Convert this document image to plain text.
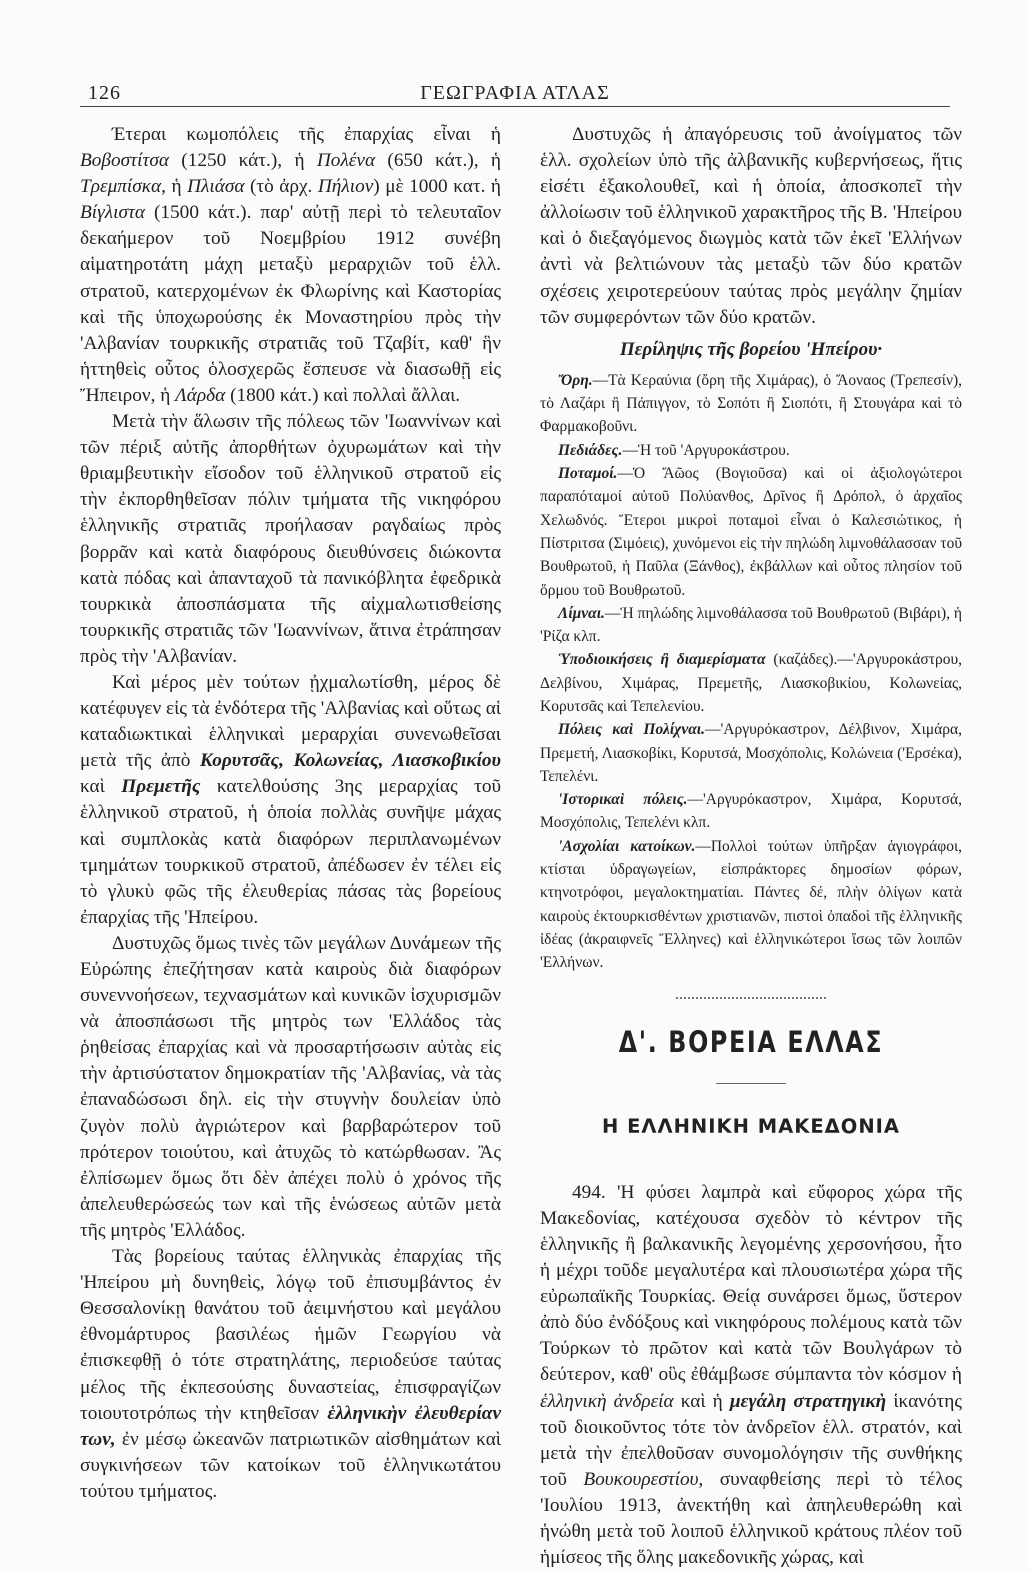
126	ΓΕΩΓΡΑΦΙΑ ΑΤΛΑΣ

Έτεραι κωμοπόλεις τῆς ἐπαρχίας εἶναι ἡ Βοβοστίτσα (1250 κάτ.), ἡ Πολένα (650 κάτ.), ἡ Τρεμπίσκα, ἡ Πλιάσα (τὸ ἀρχ. Πήλιον) μὲ 1000 κατ. ἡ Βίγλιστα (1500 κάτ.). παρ' αὐτῇ περὶ τὸ τελευταῖον δεκαήμερον τοῦ Νοεμβρίου 1912 συνέβη αἱματηροτάτη μάχη μεταξὺ μεραρχιῶν τοῦ ἑλλ. στρατοῦ, κατερχομένων ἐκ Φλωρίνης καὶ Καστορίας καὶ τῆς ὑποχωρούσης ἐκ Μοναστηρίου πρὸς τὴν 'Αλβανίαν τουρκικῆς στρατιᾶς τοῦ Τζαβίτ, καθ' ἣν ἡττηθεὶς οὗτος ὁλοσχερῶς ἔσπευσε νὰ διασωθῇ εἰς Ἤπειρον, ἡ Λάρδα (1800 κάτ.) καὶ πολλαὶ ἄλλαι.

Μετὰ τὴν ἅλωσιν τῆς πόλεως τῶν 'Ιωαννίνων καὶ τῶν πέριξ αὐτῆς ἀπορθήτων ὀχυρωμάτων καὶ τὴν θριαμβευτικὴν εἴσοδον τοῦ ἑλληνικοῦ στρατοῦ εἰς τὴν ἐκπορθηθεῖσαν πόλιν τμήματα τῆς νικηφόρου ἑλληνικῆς στρατιᾶς προήλασαν ραγδαίως πρὸς βορρᾶν καὶ κατὰ διαφόρους διευθύνσεις διώκοντα κατὰ πόδας καὶ ἁπανταχοῦ τὰ πανικόβλητα ἐφεδρικὰ τουρκικὰ ἀποσπάσματα τῆς αἰχμαλωτισθείσης τουρκικῆς στρατιᾶς τῶν 'Ιωαννίνων, ἅτινα ἐτράπησαν πρὸς τὴν 'Αλβανίαν.

Καὶ μέρος μὲν τούτων ᾐχμαλωτίσθη, μέρος δὲ κατέφυγεν εἰς τὰ ἐνδότερα τῆς 'Αλβανίας καὶ οὕτως αἱ καταδιωκτικαὶ ἑλληνικαὶ μεραρχίαι συνενωθεῖσαι μετὰ τῆς ἀπὸ Κορυτσᾶς, Κολωνείας, Λιασκοβικίου καὶ Πρεμετῆς κατελθούσης 3ης μεραρχίας τοῦ ἑλληνικοῦ στρατοῦ, ἡ ὁποία πολλὰς συνῆψε μάχας καὶ συμπλοκὰς κατὰ διαφόρων περιπλανωμένων τμημάτων τουρκικοῦ στρατοῦ, ἀπέδωσεν ἐν τέλει εἰς τὸ γλυκὺ φῶς τῆς ἐλευθερίας πάσας τὰς βορείους ἐπαρχίας τῆς 'Ηπείρου.

Δυστυχῶς ὅμως τινὲς τῶν μεγάλων Δυνάμεων τῆς Εὐρώπης ἐπεζήτησαν κατὰ καιροὺς διὰ διαφόρων συνεννοήσεων, τεχνασμάτων καὶ κυνικῶν ἰσχυρισμῶν νὰ ἀποσπάσωσι τῆς μητρὸς των 'Ελλάδος τὰς ῥηθείσας ἐπαρχίας καὶ νὰ προσαρτήσωσιν αὐτὰς εἰς τὴν ἀρτισύστατον δημοκρατίαν τῆς 'Αλβανίας, νὰ τὰς ἐπαναδώσωσι δηλ. εἰς τὴν στυγνὴν δουλείαν ὑπὸ ζυγὸν πολὺ ἀγριώτερον καὶ βαρβαρώτερον τοῦ πρότερον τοιούτου, καὶ ἀτυχῶς τὸ κατώρθωσαν. Ἂς ἐλπίσωμεν ὅμως ὅτι δὲν ἀπέχει πολὺ ὁ χρόνος τῆς ἀπελευθερώσεώς των καὶ τῆς ἑνώσεως αὐτῶν μετὰ τῆς μητρὸς 'Ελλάδος.

Τὰς βορείους ταύτας ἑλληνικὰς ἐπαρχίας τῆς 'Ηπείρου μὴ δυνηθεὶς, λόγῳ τοῦ ἐπισυμβάντος ἐν Θεσσαλονίκῃ θανάτου τοῦ ἀειμνήστου καὶ μεγάλου ἐθνομάρτυρος βασιλέως ἡμῶν Γεωργίου νὰ ἐπισκεφθῇ ὁ τότε στρατηλάτης, περιοδεύσε ταύτας μέλος τῆς ἐκπεσούσης δυναστείας, ἐπισφραγίζων τοιουτοτρόπως τὴν κτηθεῖσαν ἑλληνικὴν ἐλευθερίαν των, ἐν μέσῳ ὠκεανῶν πατριωτικῶν αἰσθημάτων καὶ συγκινήσεων τῶν κατοίκων τοῦ ἑλληνικωτάτου τούτου τμήματος.

Δυστυχῶς ἡ ἀπαγόρευσις τοῦ ἀνοίγματος τῶν ἑλλ. σχολείων ὑπὸ τῆς ἀλβανικῆς κυβερνήσεως, ἥτις εἰσέτι ἐξακολουθεῖ, καὶ ἡ ὁποία, ἀποσκοπεῖ τὴν ἀλλοίωσιν τοῦ ἑλληνικοῦ χαρακτῆρος τῆς Β. 'Ηπείρου καὶ ὁ διεξαγόμενος διωγμὸς κατὰ τῶν ἐκεῖ 'Ελλήνων ἀντὶ νὰ βελτιώνουν τὰς μεταξὺ τῶν δύο κρατῶν σχέσεις χειροτερεύουν ταύτας πρὸς μεγάλην ζημίαν τῶν συμφερόντων τῶν δύο κρατῶν.

Περίληψις τῆς βορείου 'Ηπείρου·

Ὄρη.—Τὰ Κεραύνια (ὄρη τῆς Χιμάρας), ὁ Ἄοναος (Τρεπεσίν), τὸ Λαζάρι ἢ Πάπιγγον, τὸ Σοπότι ἢ Σιοπότι, ἢ Στουγάρα καὶ τὸ Φαρμακοβοῦνι.

Πεδιάδες.—Ἡ τοῦ 'Αργυροκάστρου.

Ποταμοί.—Ὁ Ἄῶος (Βογιοῦσα) καὶ οἱ ἀξιολογώτεροι παραπόταμοί αὐτοῦ Πολύανθος, Δρῖνος ἢ Δρόπολ, ὁ ἀρχαῖος Χελωδνός. Ἕτεροι μικροὶ ποταμοὶ εἶναι ὁ Καλεσιώτικος, ἡ Πίστριτσα (Σιμόεις), χυνόμενοι εἰς τὴν πηλώδη λιμνοθάλασσαν τοῦ Βουθρωτοῦ, ἡ Παῦλα (Ξάνθος), ἐκβάλλων καὶ οὗτος πλησίον τοῦ ὅρμου τοῦ Βουθρωτοῦ.

Λίμναι.—Ἡ πηλώδης λιμνοθάλασσα τοῦ Βουθρωτοῦ (Βιβάρι), ἡ 'Ρίζα κλπ.

Ὑποδιοικήσεις ἢ διαμερίσματα (καζάδες).—'Αργυροκάστρου, Δελβίνου, Χιμάρας, Πρεμετῆς, Λιασκοβικίου, Κολωνείας, Κορυτσᾶς καὶ Τεπελενίου.

Πόλεις καὶ Πολίχναι.—'Αργυρόκαστρον, Δέλβινον, Χιμάρα, Πρεμετή, Λιασκοβίκι, Κορυτσά, Μοσχόπολις, Κολώνεια ('Ερσέκα), Τεπελένι.

'Ιστορικαὶ πόλεις.—'Αργυρόκαστρον, Χιμάρα, Κορυτσά, Μοσχόπολις, Τεπελένι κλπ.

'Ασχολίαι κατοίκων.—Πολλοὶ τούτων ὑπῆρξαν ἁγιογράφοι, κτίσται ὑδραγωγείων, εἰσπράκτορες δημοσίων φόρων, κτηνοτρόφοι, μεγαλοκτηματίαι. Πάντες δέ, πλὴν ὀλίγων κατὰ καιροὺς ἐκτουρκισθέντων χριστιανῶν, πιστοὶ ὀπαδοὶ τῆς ἑλληνικῆς ἰδέας (ἀκραιφνεῖς Ἕλληνες) καὶ ἑλληνικώτεροι ἴσως τῶν λοιπῶν 'Ελλήνων.

Δ'. ΒΟΡΕΙΑ ΕΛΛΑΣ
Η ΕΛΛΗΝΙΚΗ ΜΑΚΕΔΟΝΙΑ

494. 'Η φύσει λαμπρὰ καὶ εὔφορος χώρα τῆς Μακεδονίας, κατέχουσα σχεδὸν τὸ κέντρον τῆς ἑλληνικῆς ἢ βαλκανικῆς λεγομένης χερσονήσου, ἦτο ἡ μέχρι τοῦδε μεγαλυτέρα καὶ πλουσιωτέρα χώρα τῆς εὐρωπαϊκῆς Τουρκίας. Θείᾳ συνάρσει ὅμως, ὕστερον ἀπὸ δύο ἐνδόξους καὶ νικηφόρους πολέμους κατὰ τῶν Τούρκων τὸ πρῶτον καὶ κατὰ τῶν Βουλγάρων τὸ δεύτερον, καθ' οὓς ἐθάμβωσε σύμπαντα τὸν κόσμον ἡ ἑλληνικὴ ἀνδρεία καὶ ἡ μεγάλη στρατηγικὴ ἱκανότης τοῦ διοικοῦντος τότε τὸν ἀνδρεῖον ἑλλ. στρατόν, καὶ μετὰ τὴν ἐπελθοῦσαν συνομολόγησιν τῆς συνθήκης τοῦ Βουκουρεστίου, συναφθείσης περὶ τὸ τέλος 'Ιουλίου 1913, ἀνεκτήθη καὶ ἀπηλευθερώθη καὶ ἡνώθη μετὰ τοῦ λοιποῦ ἑλληνικοῦ κράτους πλέον τοῦ ἡμίσεος τῆς ὅλης μακεδονικῆς χώρας, καὶ
